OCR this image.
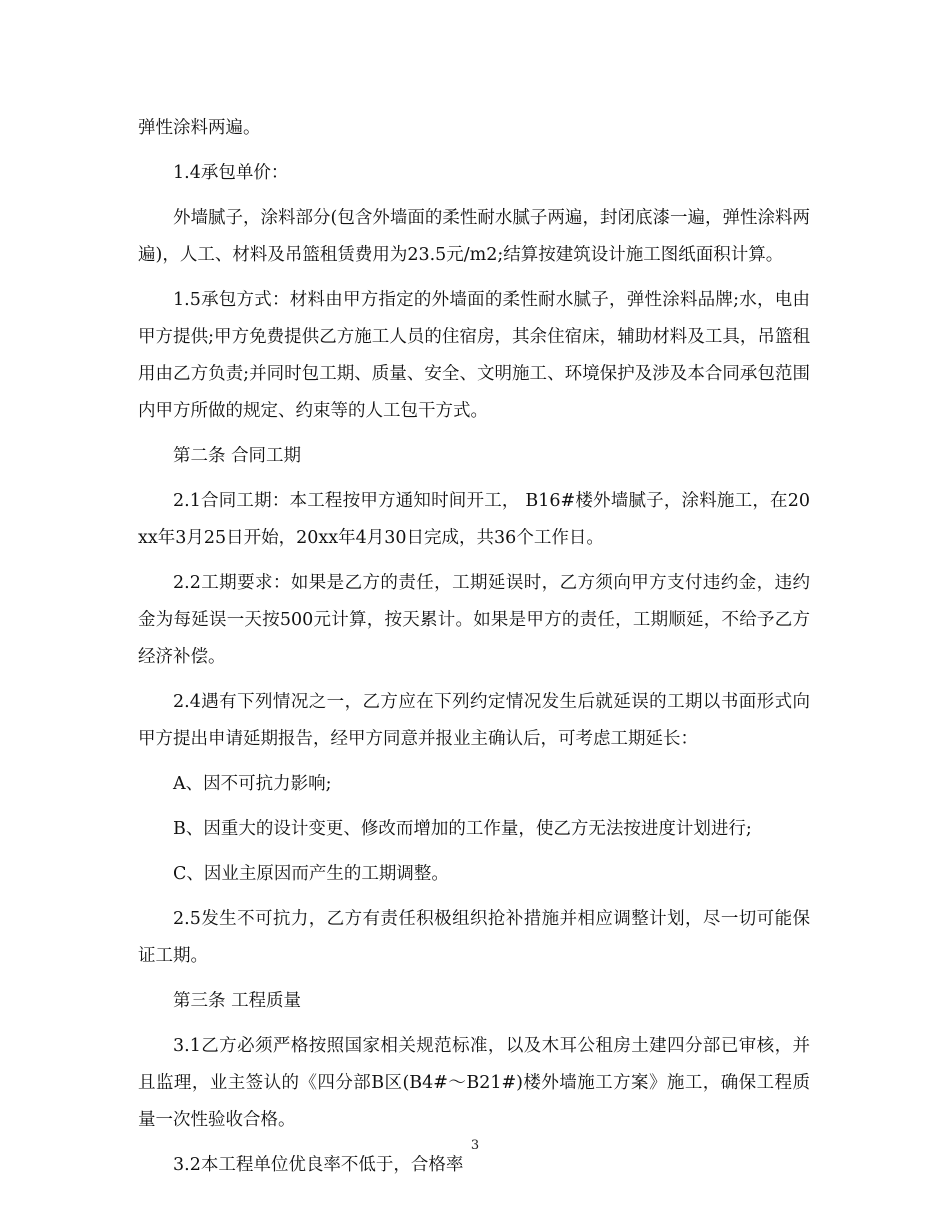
弹性涂料两遍。

1.4承包单价：

外墙腻子，涂料部分(包含外墙面的柔性耐水腻子两遍，封闭底漆一遍，弹性涂料两遍)，人工、材料及吊篮租赁费用为23.5元/m2;结算按建筑设计施工图纸面积计算。

1.5承包方式：材料由甲方指定的外墙面的柔性耐水腻子，弹性涂料品牌;水，电由甲方提供;甲方免费提供乙方施工人员的住宿房，其余住宿床，辅助材料及工具，吊篮租用由乙方负责;并同时包工期、质量、安全、文明施工、环境保护及涉及本合同承包范围内甲方所做的规定、约束等的人工包干方式。

第二条 合同工期

2.1合同工期：本工程按甲方通知时间开工， B16#楼外墙腻子，涂料施工，在20xx年3月25日开始，20xx年4月30日完成，共36个工作日。

2.2工期要求：如果是乙方的责任，工期延误时，乙方须向甲方支付违约金，违约金为每延误一天按500元计算，按天累计。如果是甲方的责任，工期顺延，不给予乙方经济补偿。

2.4遇有下列情况之一，乙方应在下列约定情况发生后就延误的工期以书面形式向甲方提出申请延期报告，经甲方同意并报业主确认后，可考虑工期延长：

A、因不可抗力影响;

B、因重大的设计变更、修改而增加的工作量，使乙方无法按进度计划进行;

C、因业主原因而产生的工期调整。

2.5发生不可抗力，乙方有责任积极组织抢补措施并相应调整计划，尽一切可能保证工期。

第三条 工程质量

3.1乙方必须严格按照国家相关规范标准，以及木耳公租房土建四分部已审核，并且监理，业主签认的《四分部B区(B4#～B21#)楼外墙施工方案》施工，确保工程质量一次性验收合格。

3.2本工程单位优良率不低于，合格率

3
